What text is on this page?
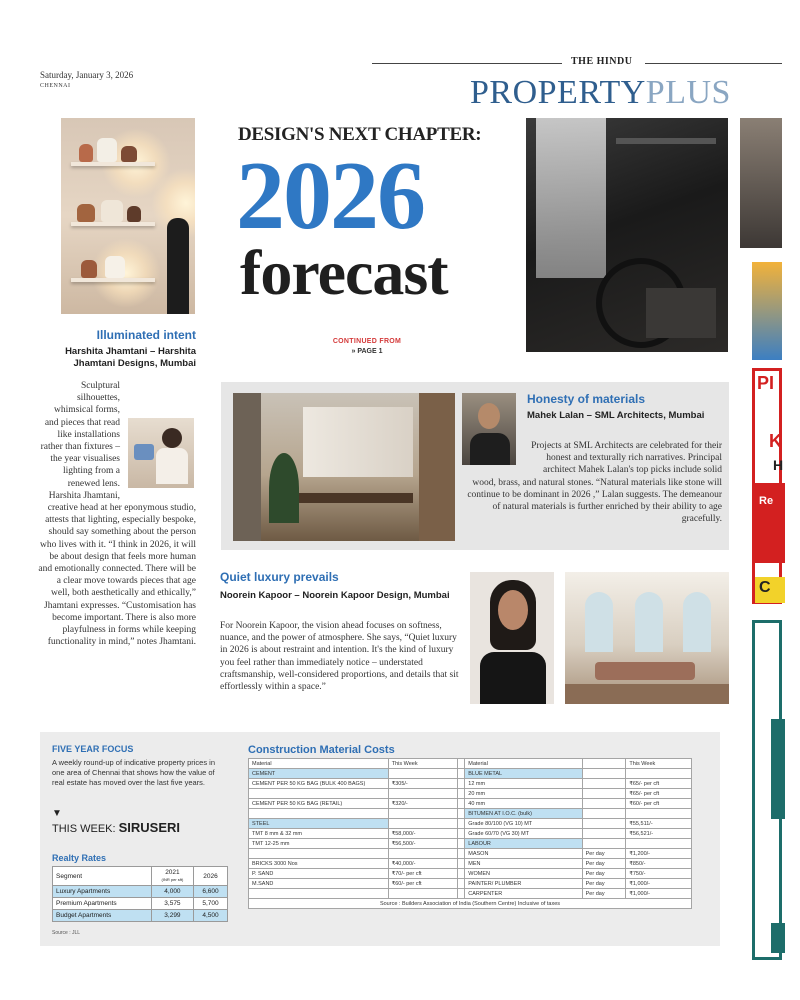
Saturday, January 3, 2026
CHENNAI
THE HINDU
PROPERTYPLUS
DESIGN'S NEXT CHAPTER:
2026
forecast
CONTINUED FROM
» PAGE 1
PI
K
H
Re
C
Illuminated intent
Harshita Jhamtani – Harshita Jhamtani Designs, Mumbai
Sculptural silhouettes, whimsical forms, and pieces that read like installations rather than fixtures – the year visualises lighting from a renewed lens. Harshita Jhamtani, creative head at her eponymous studio, attests that lighting, especially bespoke, should say something about the person who lives with it. “I think in 2026, it will be about design that feels more human and emotionally connected. There will be a clear move towards pieces that age well, both aesthetically and ethically,” Jhamtani expresses. “Customisation has become important. There is also more playfulness in forms while keeping functionality in mind,” notes Jhamtani.
Honesty of materials
Mahek Lalan – SML Architects, Mumbai
Projects at SML Architects are celebrated for their honest and texturally rich narratives. Principal architect Mahek Lalan's top picks include solid wood, brass, and natural stones. “Natural materials like stone will continue to be dominant in 2026 ,” Lalan suggests. The demeanour of natural materials is further enriched by their ability to age gracefully.
Quiet luxury prevails
Noorein Kapoor – Noorein Kapoor Design, Mumbai
For Noorein Kapoor, the vision ahead focuses on softness, nuance, and the power of atmosphere. She says, “Quiet luxury in 2026 is about restraint and intention. It's the kind of luxury you feel rather than immediately notice – understated craftsmanship, well-considered proportions, and details that sit effortlessly within a space.”
FIVE YEAR FOCUS
A weekly round-up of indicative property prices in one area of Chennai that shows how the value of real estate has moved over the last five years.
▼
THIS WEEK: SIRUSERI
Realty Rates
Segment	2021
(INR per sft)	2026
Luxury Apartments	4,000	6,600
Premium Apartments	3,575	5,700
Budget Apartments	3,299	4,500
Source : JLL
Construction Material Costs
Material	This Week		Material		This Week
CEMENT			BLUE METAL		
CEMENT PER 50 KG BAG (BULK 400 BAGS)	₹305/-		12 mm		₹65/- per cft
			20 mm		₹65/- per cft
CEMENT PER 50 KG BAG (RETAIL)	₹320/-		40 mm		₹60/- per cft
			BITUMEN AT I.O.C. (bulk)		
STEEL			Grade 80/100 (VG 10) MT		₹55,511/-
TMT 8 mm & 32 mm	₹58,000/-		Grade 60/70 (VG 30) MT		₹56,521/-
TMT 12-25 mm	₹56,500/-		LABOUR		
			MASON	Per day	₹1,200/-
BRICKS 3000 Nos	₹40,000/-		MEN	Per day	₹850/-
P. SAND	₹70/- per cft		WOMEN	Per day	₹750/-
M.SAND	₹60/- per cft		PAINTER/ PLUMBER	Per day	₹1,000/-
			CARPENTER	Per day	₹1,000/-
Source : Builders Association of India (Southern Centre) Inclusive of taxes					
